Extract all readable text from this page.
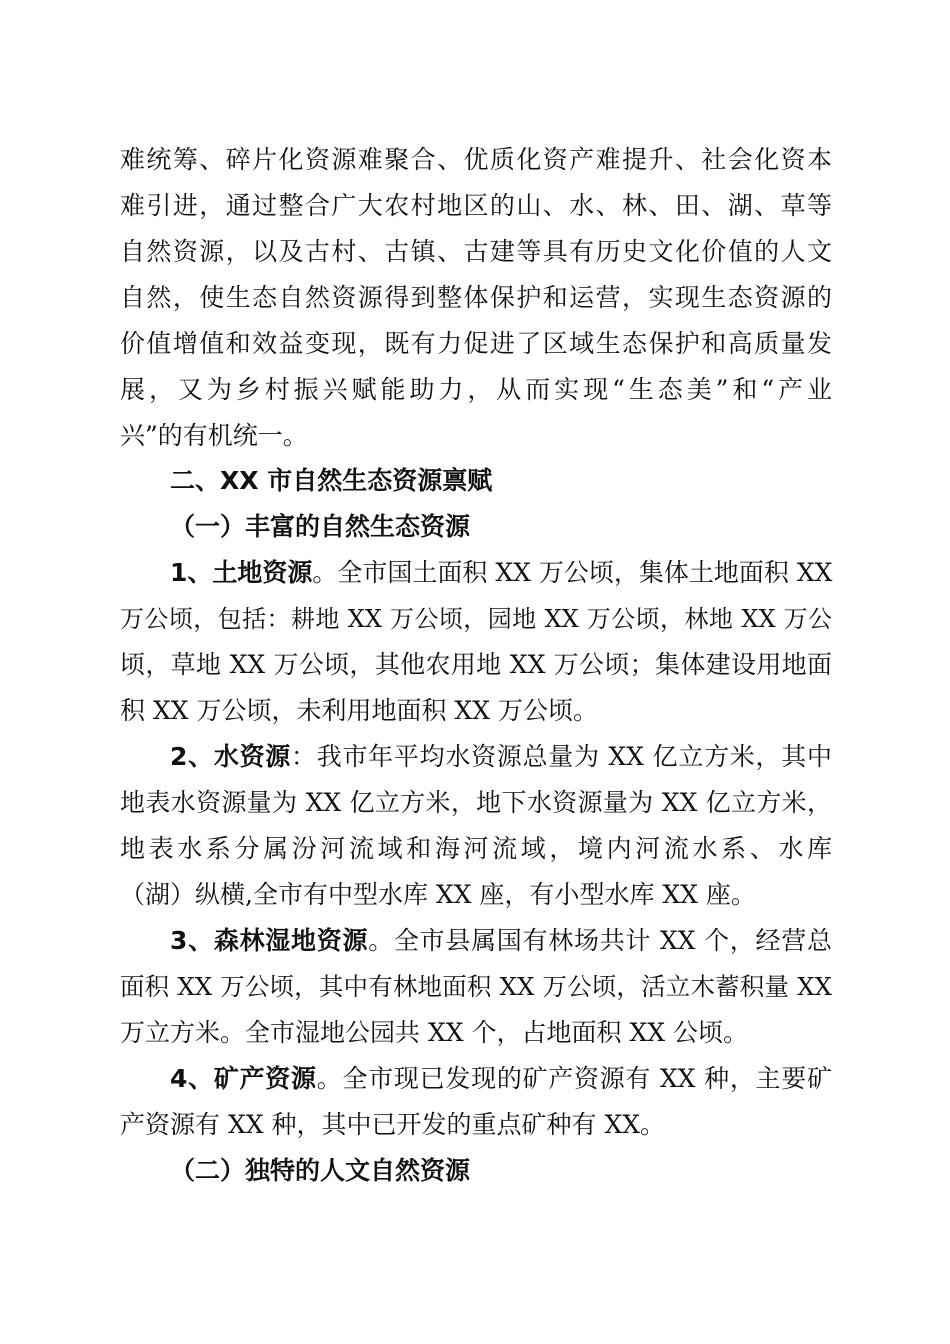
难统筹、碎片化资源难聚合、优质化资产难提升、社会化资本
难引进，通过整合广大农村地区的山、水、林、田、湖、草等
自然资源，以及古村、古镇、古建等具有历史文化价值的人文
自然，使生态自然资源得到整体保护和运营，实现生态资源的
价值增值和效益变现，既有力促进了区域生态保护和高质量发
展，又为乡村振兴赋能助力，从而实现“生态美”和“产业
兴”的有机统一。
二、XX 市自然生态资源禀赋
（一）丰富的自然生态资源
1、土地资源。全市国土面积 XX 万公顷，集体土地面积 XX
万公顷，包括：耕地 XX 万公顷，园地 XX 万公顷，林地 XX 万公
顷，草地 XX 万公顷，其他农用地 XX 万公顷；集体建设用地面
积 XX 万公顷，未利用地面积 XX 万公顷。
2、水资源：我市年平均水资源总量为 XX 亿立方米，其中
地表水资源量为 XX 亿立方米，地下水资源量为 XX 亿立方米，
地表水系分属汾河流域和海河流域，境内河流水系、水库
（湖）纵横,全市有中型水库 XX 座，有小型水库 XX 座。
3、森林湿地资源。全市县属国有林场共计 XX 个，经营总
面积 XX 万公顷，其中有林地面积 XX 万公顷，活立木蓄积量 XX
万立方米。全市湿地公园共 XX 个，占地面积 XX 公顷。
4、矿产资源。全市现已发现的矿产资源有 XX 种，主要矿
产资源有 XX 种，其中已开发的重点矿种有 XX。
（二）独特的人文自然资源
